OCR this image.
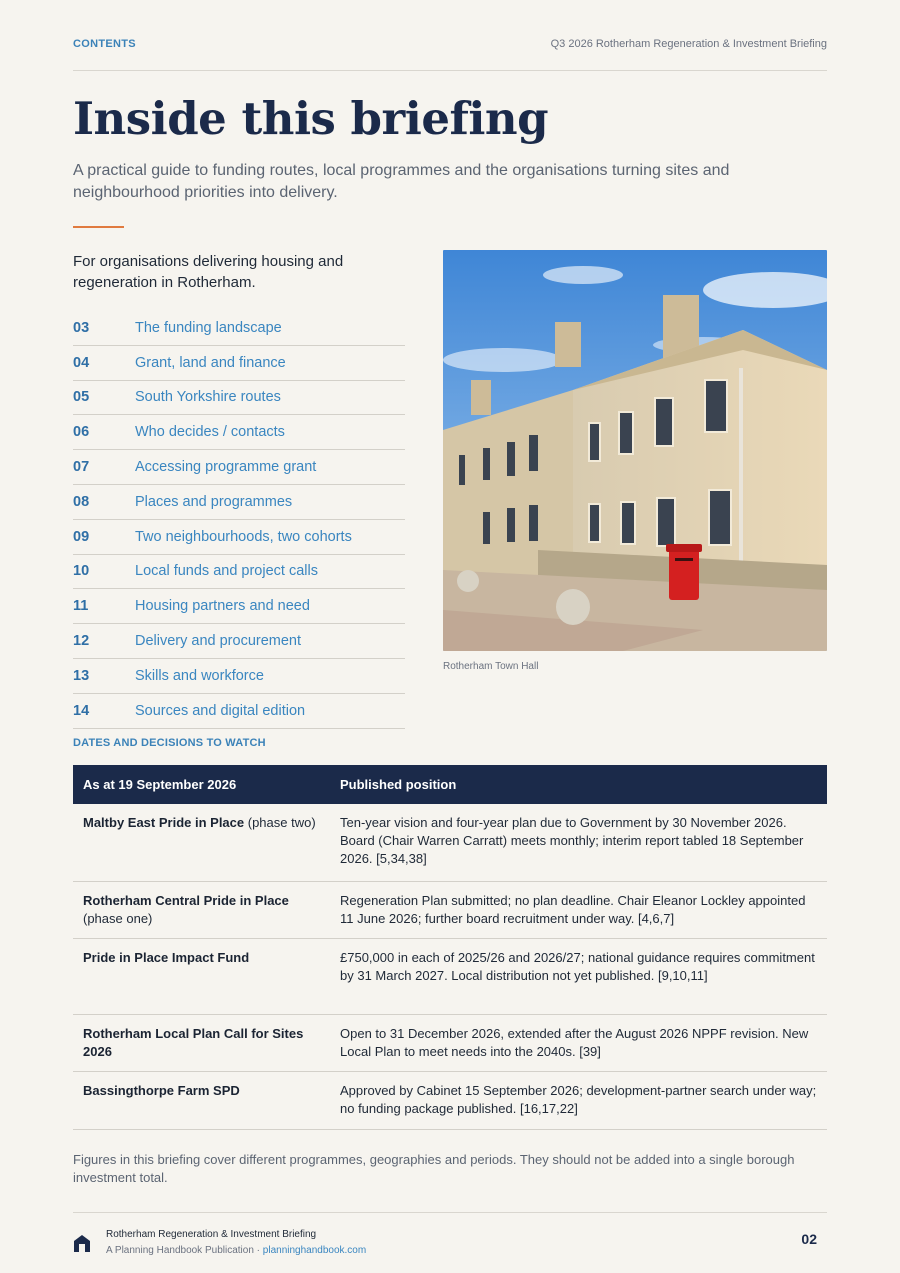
CONTENTS	Q3 2026 Rotherham Regeneration & Investment Briefing
Inside this briefing

A practical guide to funding routes, local programmes and the organisations turning sites and neighbourhood priorities into delivery.

For organisations delivering housing and regeneration in Rotherham.

03	The funding landscape
04	Grant, land and finance
05	South Yorkshire routes
06	Who decides / contacts
07	Accessing programme grant
08	Places and programmes
09	Two neighbourhoods, two cohorts
10	Local funds and project calls
11	Housing partners and need
12	Delivery and procurement
13	Skills and workforce
14	Sources and digital edition
Rotherham Town Hall
DATES AND DECISIONS TO WATCH
As at 19 September 2026	Published position
Maltby East Pride in Place (phase two)	Ten-year vision and four-year plan due to Government by 30 November 2026. Board (Chair Warren Carratt) meets monthly; interim report tabled 18 September 2026. [5,34,38]
Rotherham Central Pride in Place (phase one)	Regeneration Plan submitted; no plan deadline. Chair Eleanor Lockley appointed 11 June 2026; further board recruitment under way. [4,6,7]
Pride in Place Impact Fund	£750,000 in each of 2025/26 and 2026/27; national guidance requires commitment by 31 March 2027. Local distribution not yet published. [9,10,11]
Rotherham Local Plan Call for Sites 2026	Open to 31 December 2026, extended after the August 2026 NPPF revision. New Local Plan to meet needs into the 2040s. [39]
Bassingthorpe Farm SPD	Approved by Cabinet 15 September 2026; development-partner search under way; no funding package published. [16,17,22]

Figures in this briefing cover different programmes, geographies and periods. They should not be added into a single borough investment total.

Rotherham Regeneration & Investment Briefing
A Planning Handbook Publication · planninghandbook.com
02
